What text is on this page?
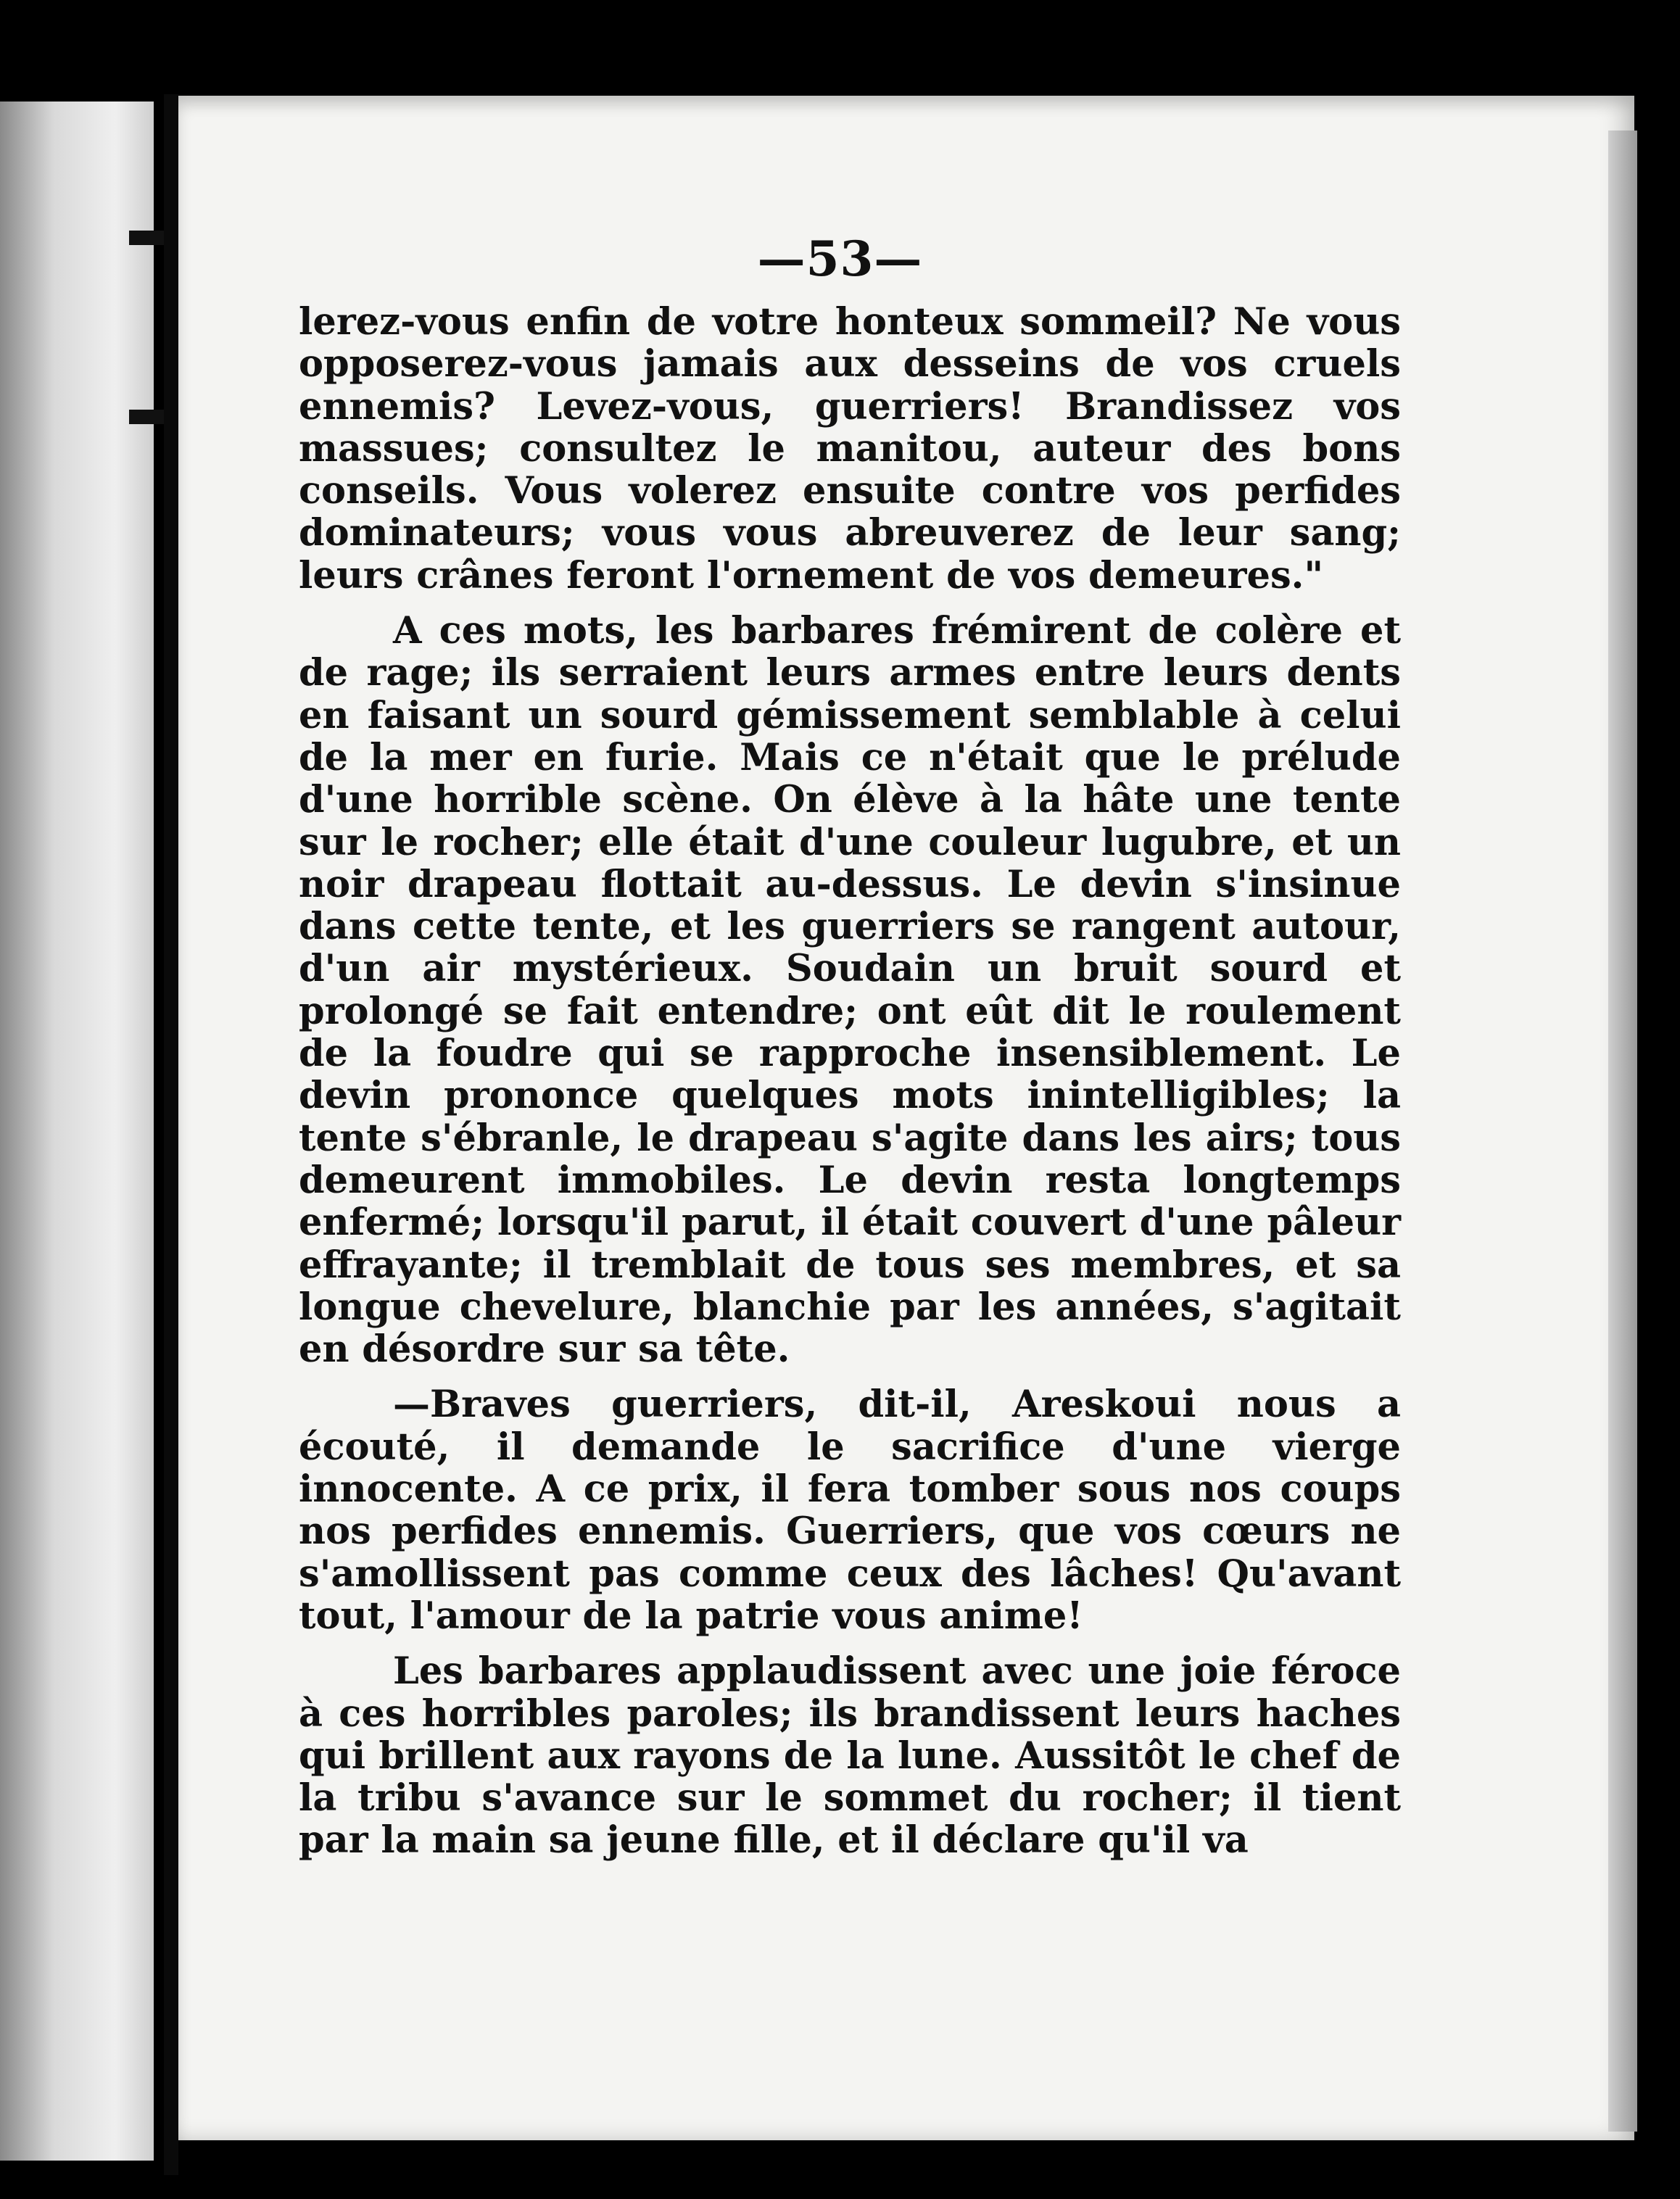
—53—

lerez-vous enfin de votre honteux sommeil? Ne vous opposerez-vous jamais aux desseins de vos cruels ennemis? Levez-vous, guerriers! Brandissez vos massues; consultez le manitou, auteur des bons conseils. Vous volerez ensuite contre vos perfides dominateurs; vous vous abreuverez de leur sang; leurs crânes feront l'ornement de vos demeures."

A ces mots, les barbares frémirent de colère et de rage; ils serraient leurs armes entre leurs dents en faisant un sourd gémissement semblable à celui de la mer en furie. Mais ce n'était que le prélude d'une horrible scène. On élève à la hâte une tente sur le rocher; elle était d'une couleur lugubre, et un noir drapeau flottait au-dessus. Le devin s'insinue dans cette tente, et les guerriers se rangent autour, d'un air mystérieux. Soudain un bruit sourd et prolongé se fait entendre; ont eût dit le roulement de la foudre qui se rapproche insensiblement. Le devin prononce quelques mots inintelligibles; la tente s'ébranle, le drapeau s'agite dans les airs; tous demeurent immobiles. Le devin resta longtemps enfermé; lorsqu'il parut, il était couvert d'une pâleur effrayante; il tremblait de tous ses membres, et sa longue chevelure, blanchie par les années, s'agitait en désordre sur sa tête.

—Braves guerriers, dit-il, Areskoui nous a écouté, il demande le sacrifice d'une vierge innocente. A ce prix, il fera tomber sous nos coups nos perfides ennemis. Guerriers, que vos cœurs ne s'amollissent pas comme ceux des lâches! Qu'avant tout, l'amour de la patrie vous anime!

Les barbares applaudissent avec une joie féroce à ces horribles paroles; ils brandissent leurs haches qui brillent aux rayons de la lune. Aussitôt le chef de la tribu s'avance sur le sommet du rocher; il tient par la main sa jeune fille, et il déclare qu'il va
